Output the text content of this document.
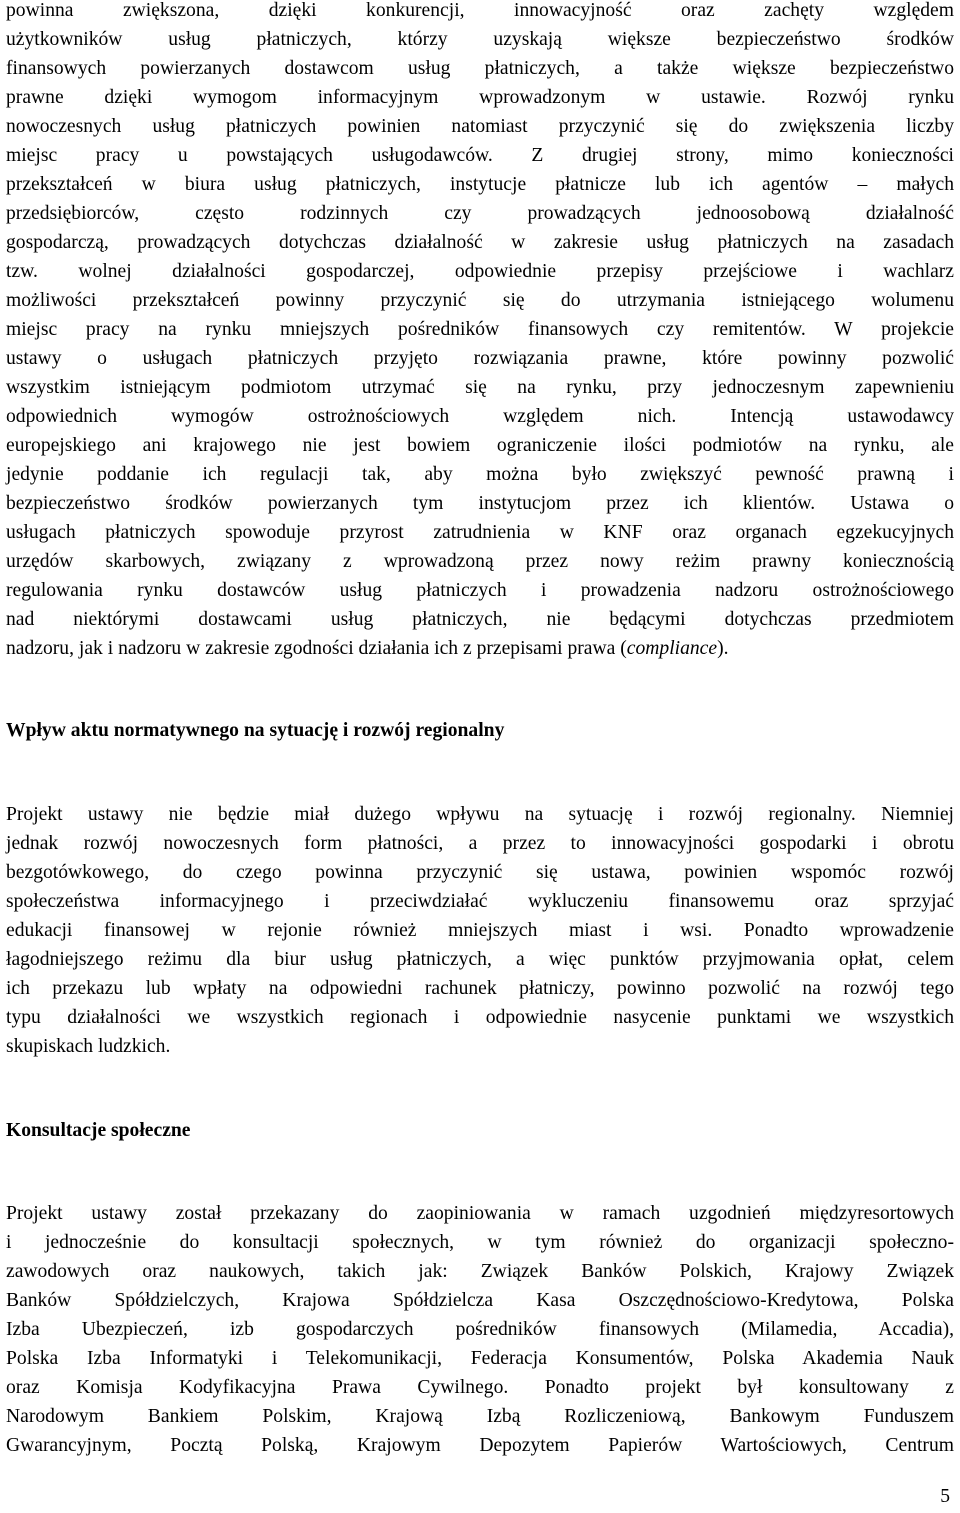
powinna zwiększona, dzięki konkurencji, innowacyjność oraz zachęty względem
użytkowników usług płatniczych, którzy uzyskają większe bezpieczeństwo środków
finansowych powierzanych dostawcom usług płatniczych, a także większe bezpieczeństwo
prawne dzięki wymogom informacyjnym wprowadzonym w ustawie. Rozwój rynku
nowoczesnych usług płatniczych powinien natomiast przyczynić się do zwiększenia liczby
miejsc pracy u powstających usługodawców. Z drugiej strony, mimo konieczności
przekształceń w biura usług płatniczych, instytucje płatnicze lub ich agentów – małych
przedsiębiorców, często rodzinnych czy prowadzących jednoosobową działalność
gospodarczą, prowadzących dotychczas działalność w zakresie usług płatniczych na zasadach
tzw. wolnej działalności gospodarczej, odpowiednie przepisy przejściowe i wachlarz
możliwości przekształceń powinny przyczynić się do utrzymania istniejącego wolumenu
miejsc pracy na rynku mniejszych pośredników finansowych czy remitentów. W projekcie
ustawy o usługach płatniczych przyjęto rozwiązania prawne, które powinny pozwolić
wszystkim istniejącym podmiotom utrzymać się na rynku, przy jednoczesnym zapewnieniu
odpowiednich wymogów ostrożnościowych względem nich. Intencją ustawodawcy
europejskiego ani krajowego nie jest bowiem ograniczenie ilości podmiotów na rynku, ale
jedynie poddanie ich regulacji tak, aby można było zwiększyć pewność prawną i
bezpieczeństwo środków powierzanych tym instytucjom przez ich klientów. Ustawa o
usługach płatniczych spowoduje przyrost zatrudnienia w KNF oraz organach egzekucyjnych
urzędów skarbowych, związany z wprowadzoną przez nowy reżim prawny koniecznością
regulowania rynku dostawców usług płatniczych i prowadzenia nadzoru ostrożnościowego
nad niektórymi dostawcami usług płatniczych, nie będącymi dotychczas przedmiotem
nadzoru, jak i nadzoru w zakresie zgodności działania ich z przepisami prawa (compliance).
Wpływ aktu normatywnego na sytuację i rozwój regionalny
Projekt ustawy nie będzie miał dużego wpływu na sytuację i rozwój regionalny. Niemniej
jednak rozwój nowoczesnych form płatności, a przez to innowacyjności gospodarki i obrotu
bezgotówkowego, do czego powinna przyczynić się ustawa, powinien wspomóc rozwój
społeczeństwa informacyjnego i przeciwdziałać wykluczeniu finansowemu oraz sprzyjać
edukacji finansowej w rejonie również mniejszych miast i wsi. Ponadto wprowadzenie
łagodniejszego reżimu dla biur usług płatniczych, a więc punktów przyjmowania opłat, celem
ich przekazu lub wpłaty na odpowiedni rachunek płatniczy, powinno pozwolić na rozwój tego
typu działalności we wszystkich regionach i odpowiednie nasycenie punktami we wszystkich
skupiskach ludzkich.
Konsultacje społeczne
Projekt ustawy został przekazany do zaopiniowania w ramach uzgodnień międzyresortowych
i jednocześnie do konsultacji społecznych, w tym również do organizacji społeczno-
zawodowych oraz naukowych, takich jak: Związek Banków Polskich, Krajowy Związek
Banków Spółdzielczych, Krajowa Spółdzielcza Kasa Oszczędnościowo-Kredytowa, Polska
Izba Ubezpieczeń, izb gospodarczych pośredników finansowych (Milamedia, Accadia),
Polska Izba Informatyki i Telekomunikacji, Federacja Konsumentów, Polska Akademia Nauk
oraz Komisja Kodyfikacyjna Prawa Cywilnego. Ponadto projekt był konsultowany z
Narodowym Bankiem Polskim, Krajową Izbą Rozliczeniową, Bankowym Funduszem
Gwarancyjnym, Pocztą Polską, Krajowym Depozytem Papierów Wartościowych, Centrum
5
